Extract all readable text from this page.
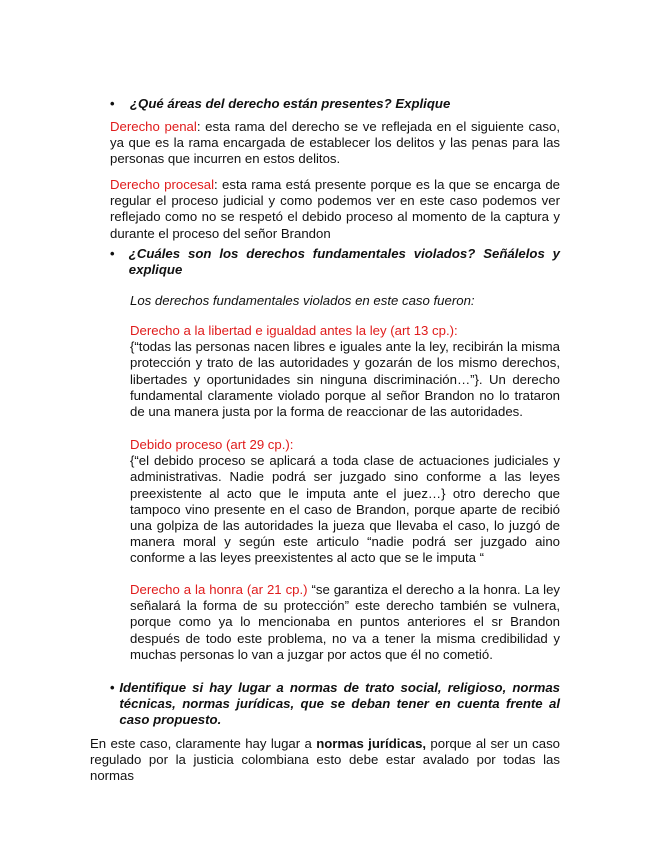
•	¿Qué áreas del derecho están presentes? Explique

Derecho penal: esta rama del derecho se ve reflejada en el siguiente caso, ya que es la rama encargada de establecer los delitos y las penas para las personas que incurren en estos delitos.

Derecho procesal: esta rama está presente porque es la que se encarga de regular el proceso judicial y como podemos ver en este caso podemos ver reflejado como no se respetó el debido proceso al momento de la captura y durante el proceso del señor Brandon

•	¿Cuáles son los derechos fundamentales violados? Señálelos y explique

Los derechos fundamentales violados en este caso fueron:

Derecho a la libertad e igualdad antes la ley (art 13 cp.):

{“todas las personas nacen libres e iguales ante la ley, recibirán la misma protección y trato de las autoridades y gozarán de los mismo derechos, libertades y oportunidades sin ninguna discriminación…”}. Un derecho fundamental claramente violado porque al señor Brandon no lo trataron de una manera justa por la forma de reaccionar de las autoridades.

Debido proceso (art 29 cp.):

{“el debido proceso se aplicará a toda clase de actuaciones judiciales y administrativas. Nadie podrá ser juzgado sino conforme a las leyes preexistente al acto que le imputa ante el juez…} otro derecho que tampoco vino presente en el caso de Brandon, porque aparte de recibió una golpiza de las autoridades la jueza que llevaba el caso, lo juzgó de manera moral y según este articulo “nadie podrá ser juzgado aino conforme a las leyes preexistentes al acto que se le imputa “

Derecho a la honra (ar 21 cp.) “se garantiza el derecho a la honra. La ley señalará la forma de su protección” este derecho también se vulnera, porque como ya lo mencionaba en puntos anteriores el sr Brandon después de todo este problema, no va a tener la misma credibilidad y muchas personas lo van a juzgar por actos que él no cometió.

• Identifique si hay lugar a normas de trato social, religioso, normas técnicas, normas jurídicas, que se deban tener en cuenta frente al caso propuesto.

En este caso, claramente hay lugar a normas jurídicas, porque al ser un caso regulado por la justicia colombiana esto debe estar avalado por todas las normas
